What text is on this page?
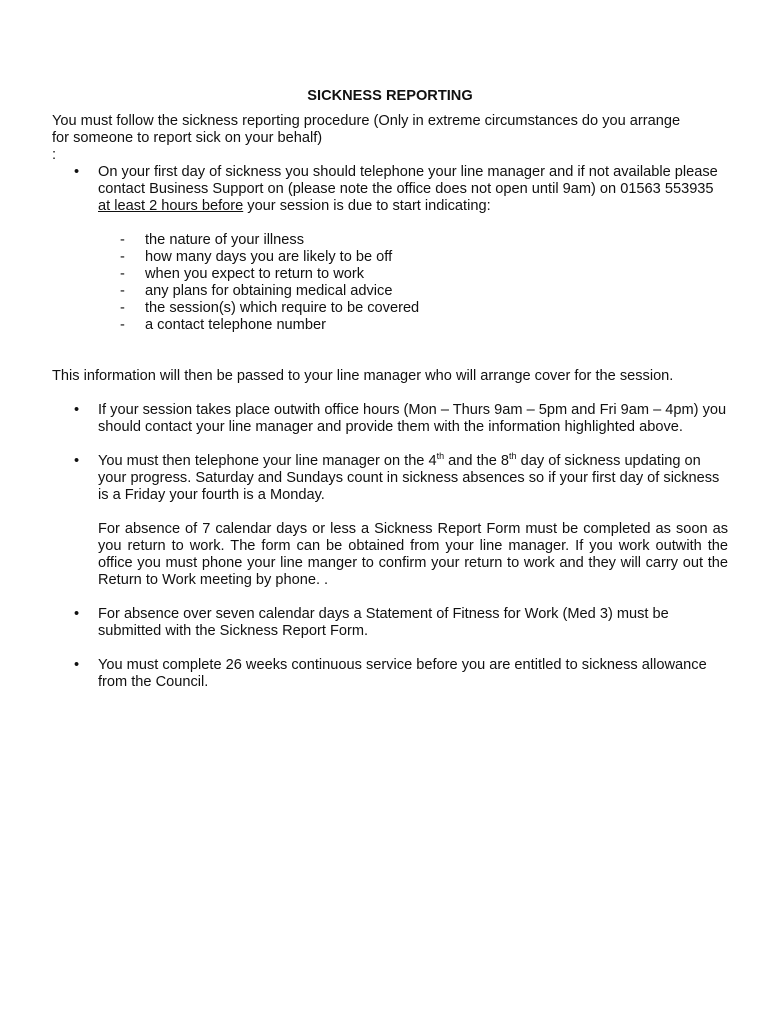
SICKNESS REPORTING

You must follow the sickness reporting procedure (Only in extreme circumstances do you arrange
for someone to report sick on your behalf)
:

• On your first day of sickness you should telephone your line manager and if not available please contact Business Support on (please note the office does not open until 9am) on 01563 553935 at least 2 hours before your session is due to start indicating:

- the nature of your illness
- how many days you are likely to be off
- when you expect to return to work
- any plans for obtaining medical advice
- the session(s) which require to be covered
- a contact telephone number

This information will then be passed to your line manager who will arrange cover for the session.

• If your session takes place outwith office hours (Mon – Thurs 9am – 5pm and Fri 9am – 4pm) you should contact your line manager and provide them with the information highlighted above.

• You must then telephone your line manager on the 4th and the 8th day of sickness updating on your progress. Saturday and Sundays count in sickness absences so if your first day of sickness is a Friday your fourth is a Monday.

For absence of 7 calendar days or less a Sickness Report Form must be completed as soon as you return to work. The form can be obtained from your line manager. If you work outwith the office you must phone your line manger to confirm your return to work and they will carry out the Return to Work meeting by phone. .

• For absence over seven calendar days a Statement of Fitness for Work (Med 3) must be submitted with the Sickness Report Form.

• You must complete 26 weeks continuous service before you are entitled to sickness allowance from the Council.
